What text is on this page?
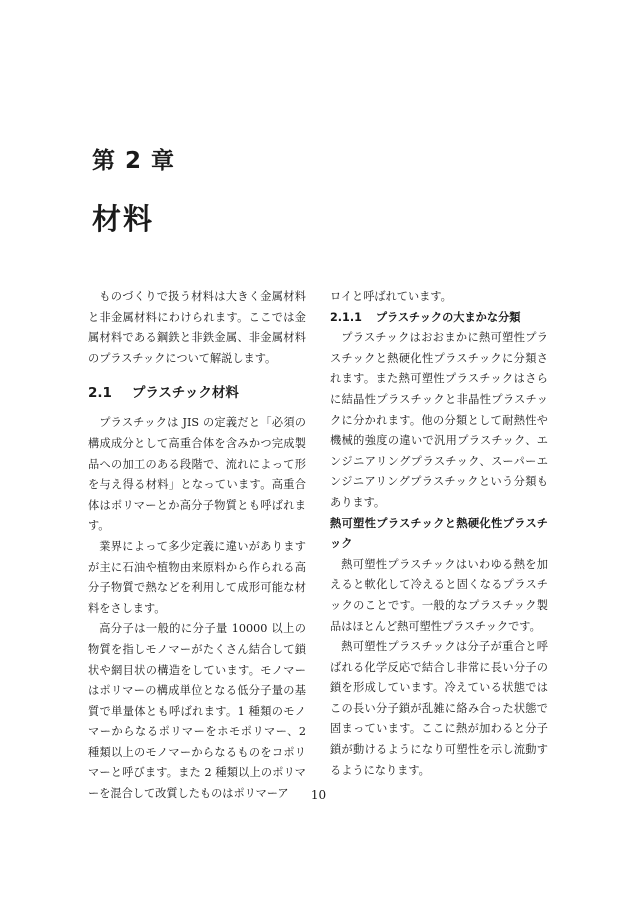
第 2 章
材料

ものづくりで扱う材料は大きく金属材料と非金属材料にわけられます。ここでは金属材料である鋼鉄と非鉄金属、非金属材料のプラスチックについて解説します。

2.1 プラスチック材料

プラスチックは JIS の定義だと「必須の構成成分として高重合体を含みかつ完成製品への加工のある段階で、流れによって形を与え得る材料」となっています。高重合体はポリマーとか高分子物質とも呼ばれます。

業界によって多少定義に違いがありますが主に石油や植物由来原料から作られる高分子物質で熱などを利用して成形可能な材料をさします。

高分子は一般的に分子量 10000 以上の物質を指しモノマーがたくさん結合して鎖状や網目状の構造をしています。モノマーはポリマーの構成単位となる低分子量の基質で単量体とも呼ばれます。1 種類のモノマーからなるポリマーをホモポリマー、2 種類以上のモノマーからなるものをコポリマーと呼びます。また 2 種類以上のポリマーを混合して改質したものはポリマーア

ロイと呼ばれています。

2.1.1 プラスチックの大まかな分類

プラスチックはおおまかに熱可塑性プラスチックと熱硬化性プラスチックに分類されます。また熱可塑性プラスチックはさらに結晶性プラスチックと非晶性プラスチックに分かれます。他の分類として耐熱性や機械的強度の違いで汎用プラスチック、エンジニアリングプラスチック、スーパーエンジニアリングプラスチックという分類もあります。

熱可塑性プラスチックと熱硬化性プラスチック

熱可塑性プラスチックはいわゆる熱を加えると軟化して冷えると固くなるプラスチックのことです。一般的なプラスチック製品はほとんど熱可塑性プラスチックです。

熱可塑性プラスチックは分子が重合と呼ばれる化学反応で結合し非常に長い分子の鎖を形成しています。冷えている状態ではこの長い分子鎖が乱雑に絡み合った状態で固まっています。ここに熱が加わると分子鎖が動けるようになり可塑性を示し流動するようになります。

10
